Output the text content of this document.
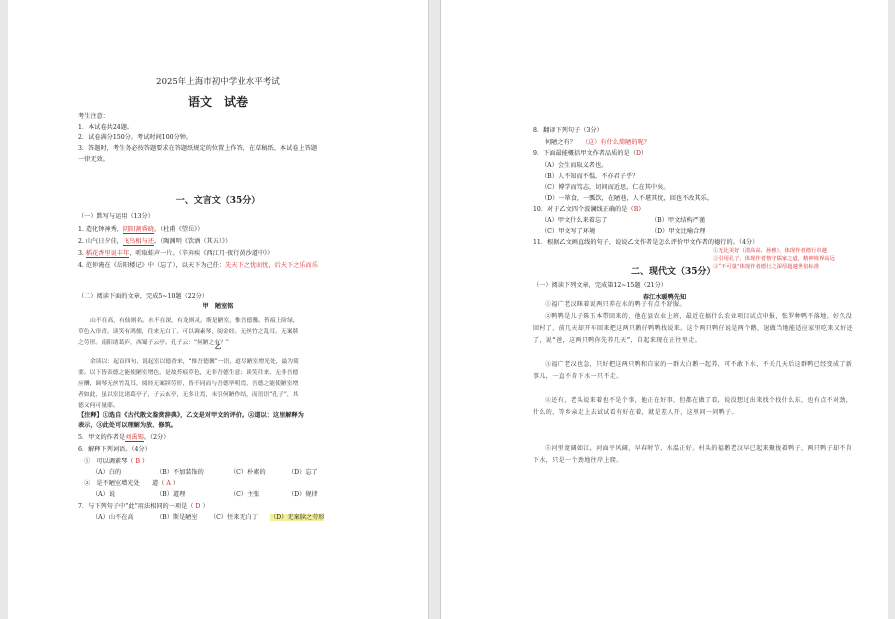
2025年上海市初中学业水平考试
语文　试卷
考生注意：
1．本试卷共24题。
2．试卷满分150分。考试时间100分钟。
3．答题时，考生务必按答题要求在答题纸规定的位置上作答，在草稿纸、本试卷上答题
一律无效。
一、文言文（35分）
（一）默写与运用（13分）
1. 造化钟神秀，阴阳割昏晓。（杜甫《望岳》）
2. 山气日夕佳，飞鸟相与还。（陶渊明《饮酒（其五）》）
3. 稻花香里说丰年，听取蛙声一片。（辛弃疾《西江月·夜行黄沙道中》）
4. 范仲淹在《岳阳楼记》中（忘了），以天下为己任：先天下之忧而忧，后天下之乐而乐
（二）阅读下面的文章，完成5~10题（22分）
甲　陋室铭
山不在高，有仙则名。水不在深，有龙则灵。斯是陋室，惟吾德馨。苔痕上阶绿，
草色入帘青。谈笑有鸿儒，往来无白丁。可以调素琴，阅金经。无丝竹之乱耳，无案牍
之劳形。南阳诸葛庐，西蜀子云亭。孔子云：“何陋之有？”
乙
余读以：起首四句，说起室以德香来，“惟吾德馨”一语，道尽陋室增光处，最为简
要。以下皆表德之能使陋室增色，是故苔痕草色，无非吾德生意；谈笑往来，无非吾德
应酬，调琴无丝竹乱耳，阅经无案牍劳形，皆不同而与吾德毕明焉，吾德之能使陋室增
者如此，虽以室比诸葛亭子，子云玄亭，无多让焉，末引何陋作结，而语语“孔子”，其
德又何可量耶。
【注释】①选自《古代散文鉴赏辞典》，乙文是对甲文的评价。②道以：这里解释为
表示，③此处可以理解为放、修筑。
5．甲文的作者是刘禹锡。（2分）
6．解释下列词语。（4分）
①　可以调素琴（ B ）
（A）白的	（B）不加装饰的	（C）朴素的	（D）忘了
②　是不陋室增光处　　道（ A ）
（A）说	（B）道理	（C）主张	（D）规律
7．与下列句子中“此”用法相同的一项是（ D ）
（A）山不在高	（B）斯是陋室 （C）往来无白丁 （D）无案牍之劳形
8．翻译下列句子（3分）
何陋之有？ （这）有什么简陋的呢？
9．下面最能概括甲文作者品质的是（D）
（A）会生而取义者也。
（B）人不知而不愠，不亦君子乎？
（C）博学而笃志，切问而近思，仁在其中矣。
（D）一箪食，一瓢饮，在陋巷，人不堪其忧，回也不改其乐。
10．对于乙文四个波澜线正确的是（B）
（A）甲文什么来着忘了	（B）甲文结构严谨
（C）甲文写了环境	（D）甲文比喻合理
11．根据乙文画直线的句子，说说乙文作者是怎么评价甲文作者的德行的。（4分）
①无比美好（清高高、孙雅），体现作者德行卓越
②引用孔子，体现作者恪守儒家之道，精神境界高远
③“不可量”体现作者德行之深厚超越世俗标准
二、现代文（35分）
（一）阅读下列文章，完成第12~15题（21分）
春江水暖鸭先知
①福广老汉眯着说两只养在水的鸭子有点不舒服。
②鸭鸭是儿子陈玉本带回来的，他在县农业上班，最近在搞什么农业项目试点申报，张罗种鸭不落地。好久没回村了，前几天却开车回来把这两只鹅仔鸭鸭找说来。这个两只鸭仔说是两个鹅，退做当地能适应家里吃来又好还了，说“爸，这两只鸭你先养几天”，自起来现在正往里走。
③福广老汉也急，只好把这两只鸭和自家的一群大白鹅一起养，可不敢下水，不关几天后这群鸭已经变成了新事儿，一直不肯下水一只不走。
④还有，老头说来着也不是个事，他正在好事，但都在做了看，说没想过出来找个找什么东，也有点不对劲，什么的，等乡亲走上去试试看有好在着，就是差人开，这里问一问鸭子。
⑤河里宽阔如江，河面平风阔，早春时节，水温正好。村头的福鹅老汉早已起来聚拢着鸭子，两只鸭子却不肯下水，只是一个劲地往岸上爬。
